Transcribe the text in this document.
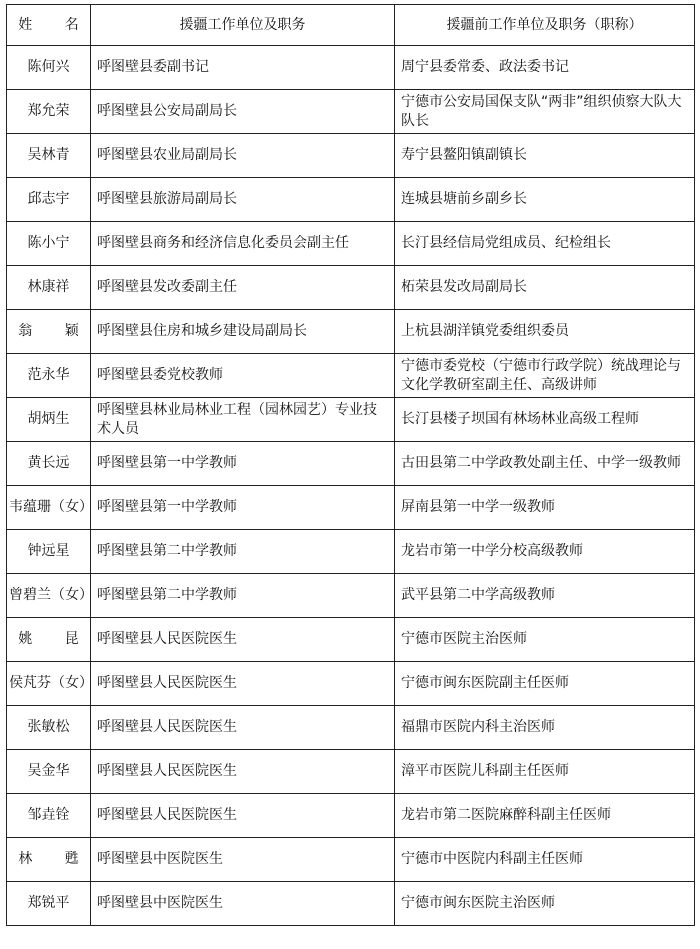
姓 名	援疆工作单位及职务	援疆前工作单位及职务（职称）
陈何兴	呼图壁县委副书记	周宁县委常委、政法委书记
郑允荣	呼图壁县公安局副局长	宁德市公安局国保支队“两非”组织侦察大队大队长
吴林青	呼图壁县农业局副局长	寿宁县鳌阳镇副镇长
邱志宇	呼图壁县旅游局副局长	连城县塘前乡副乡长
陈小宁	呼图壁县商务和经济信息化委员会副主任	长汀县经信局党组成员、纪检组长
林康祥	呼图壁县发改委副主任	柘荣县发改局副局长
翁 颖	呼图壁县住房和城乡建设局副局长	上杭县湖洋镇党委组织委员
范永华	呼图壁县委党校教师	宁德市委党校（宁德市行政学院）统战理论与文化学教研室副主任、高级讲师
胡炳生	呼图壁县林业局林业工程（园林园艺）专业技术人员	长汀县楼子坝国有林场林业高级工程师
黄长远	呼图壁县第一中学教师	古田县第二中学政教处副主任、中学一级教师
韦蕴珊（女）	呼图壁县第一中学教师	屏南县第一中学一级教师
钟远星	呼图壁县第二中学教师	龙岩市第一中学分校高级教师
曾碧兰（女）	呼图壁县第二中学教师	武平县第二中学高级教师
姚 昆	呼图壁县人民医院医生	宁德市医院主治医师
侯芃芬（女）	呼图壁县人民医院医生	宁德市闽东医院副主任医师
张敏松	呼图壁县人民医院医生	福鼎市医院内科主治医师
吴金华	呼图壁县人民医院医生	漳平市医院儿科副主任医师
邹垚铨	呼图壁县人民医院医生	龙岩市第二医院麻醉科副主任医师
林 甦	呼图壁县中医院医生	宁德市中医院内科副主任医师
郑锐平	呼图壁县中医院医生	宁德市闽东医院主治医师
